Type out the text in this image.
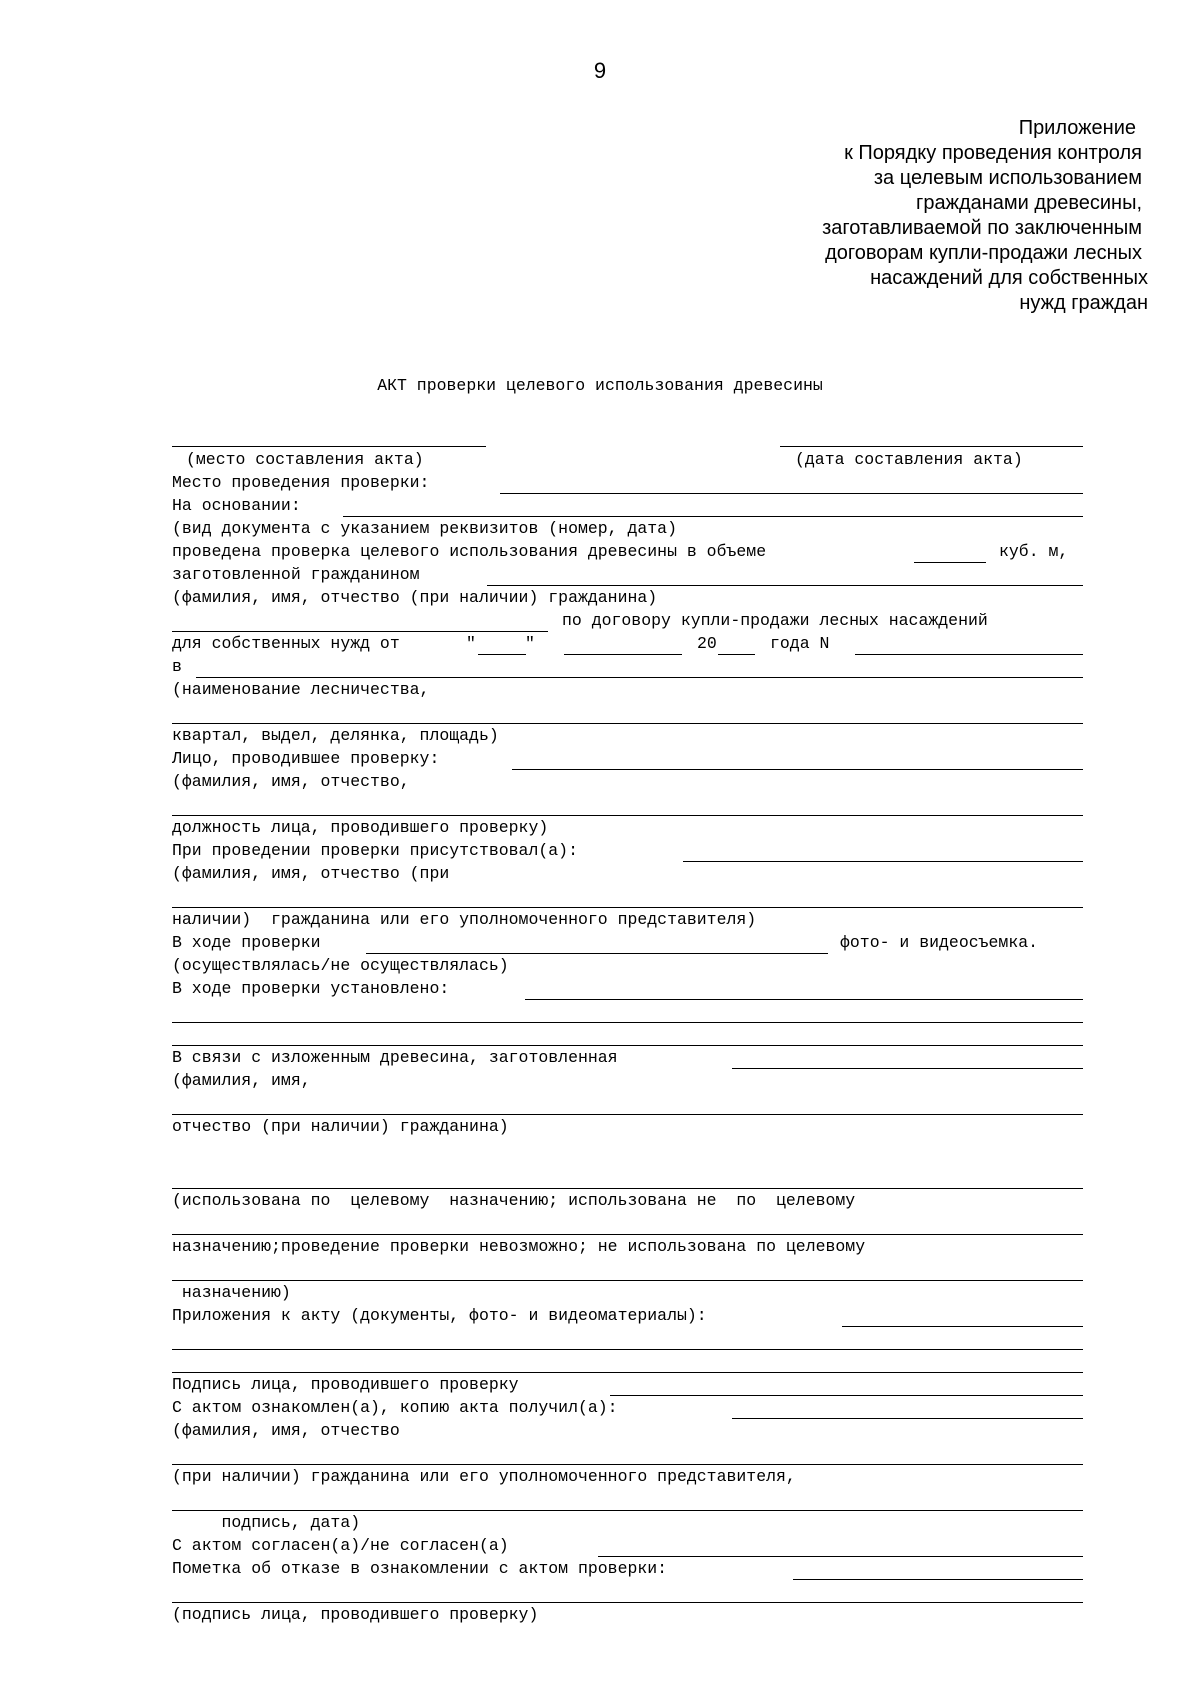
9
Приложение
к Порядку проведения контроля
за целевым использованием
гражданами древесины,
заготавливаемой по заключенным
договорам купли-продажи лесных
насаждений для собственных
нужд граждан
АКТ проверки целевого использования древесины
(место составления акта)	(дата составления акта)
Место проведения проверки:
На основании:
(вид документа с указанием реквизитов (номер, дата)
проведена проверка целевого использования древесины в объеме	куб. м,
заготовленной гражданином
(фамилия, имя, отчество (при наличии) гражданина)
по договору купли-продажи лесных насаждений
для собственных нужд от	"	"	20	года N
в
(наименование лесничества,
квартал, выдел, делянка, площадь)
Лицо, проводившее проверку:
(фамилия, имя, отчество,
должность лица, проводившего проверку)
При проведении проверки присутствовал(а):
(фамилия, имя, отчество (при
наличии)  гражданина или его уполномоченного представителя)
В ходе проверки	фото- и видеосъемка.
(осуществлялась/не осуществлялась)
В ходе проверки установлено:
В связи с изложенным древесина, заготовленная
(фамилия, имя,
отчество (при наличии) гражданина)
(использована по  целевому  назначению; использована не  по  целевому
назначению;проведение проверки невозможно; не использована по целевому
назначению)
Приложения к акту (документы, фото- и видеоматериалы):
Подпись лица, проводившего проверку
С актом ознакомлен(а), копию акта получил(а):
(фамилия, имя, отчество
(при наличии) гражданина или его уполномоченного представителя,
подпись, дата)
С актом согласен(а)/не согласен(а)
Пометка об отказе в ознакомлении с актом проверки:
(подпись лица, проводившего проверку)
